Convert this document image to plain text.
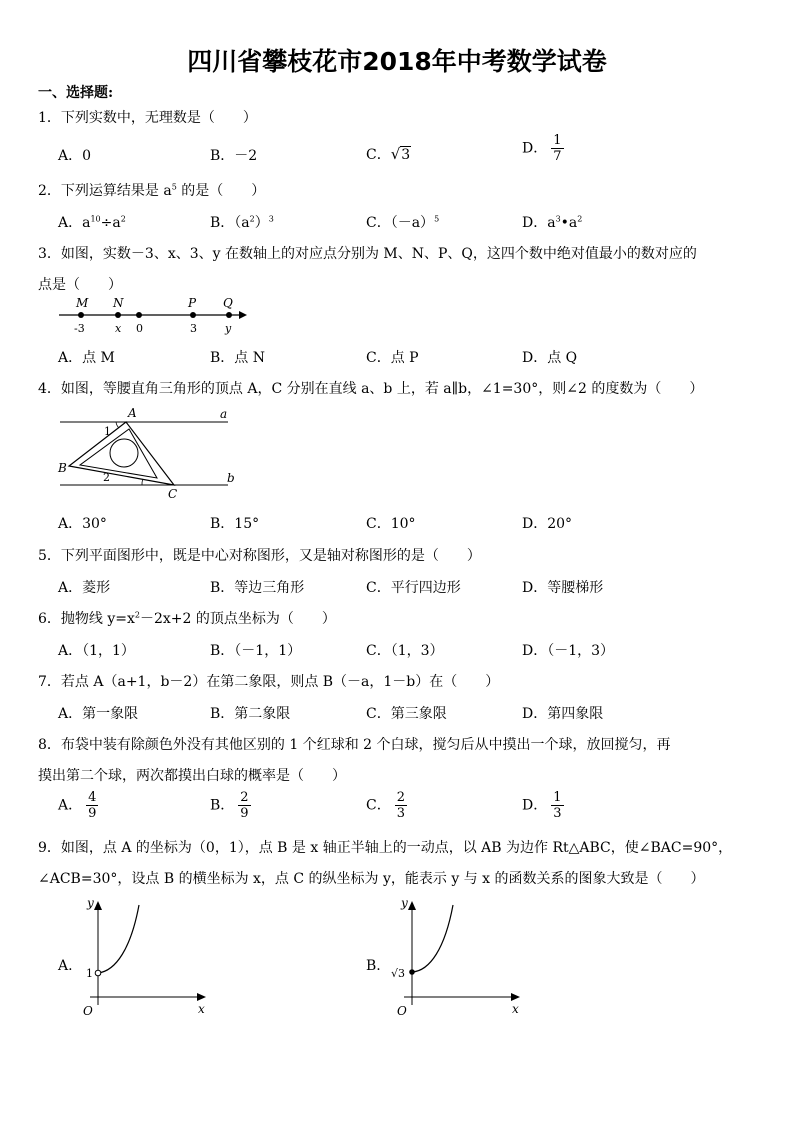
四川省攀枝花市2018年中考数学试卷
一、选择题:
1．下列实数中，无理数是（　　）
A．0	B．－2	C．√3	D． $\frac{1}{7}$
2．下列运算结果是 $a^5$ 的是（　　）
A．$a^{10}\div a^2$	B．$(a^2)^3$	C．$(-a)^5$	D．$a^3•a^2$
3．如图，实数－3、x、3、y 在数轴上的对应点分别为 M、N、P、Q，这四个数中绝对值最小的数对应的
点是（　　）
M N	P Q
-3	x 0	3	y
A．点 M	B．点 N	C．点 P	D．点 Q
4．如图，等腰直角三角形的顶点 A，C 分别在直线 a、b 上，若 a∥b，∠1=30°，则∠2 的度数为（　　）
A
B
C
a
b
1
2
A．30°	B．15°	C．10°	D．20°
5．下列平面图形中，既是中心对称图形，又是轴对称图形的是（　　）
A．菱形	B．等边三角形	C．平行四边形	D．等腰梯形
6．抛物线 $y=x^2-2x+2$ 的顶点坐标为（　　）
A．（1，1）	B．（－1，1）	C．（1，3）	D．（－1，3）
7．若点 A（a+1，b－2）在第二象限，则点 B（－a，1－b）在（　　）
A．第一象限	B．第二象限	C．第三象限	D．第四象限
8．布袋中装有除颜色外没有其他区别的 1 个红球和 2 个白球，搅匀后从中摸出一个球，放回搅匀，再
摸出第二个球，两次都摸出白球的概率是（　　）
A． $\frac{4}{9}$	B． $\frac{2}{9}$	C． $\frac{2}{3}$	D． $\frac{1}{3}$
9．如图，点 A 的坐标为（0，1），点 B 是 x 轴正半轴上的一动点，以 AB 为边作 Rt△ABC，使∠BAC=90°，
∠ACB=30°，设点 B 的横坐标为 x，点 C 的纵坐标为 y，能表示 y 与 x 的函数关系的图象大致是（　　）
A.
y
x
O
1	B.
y
x
O
√3
